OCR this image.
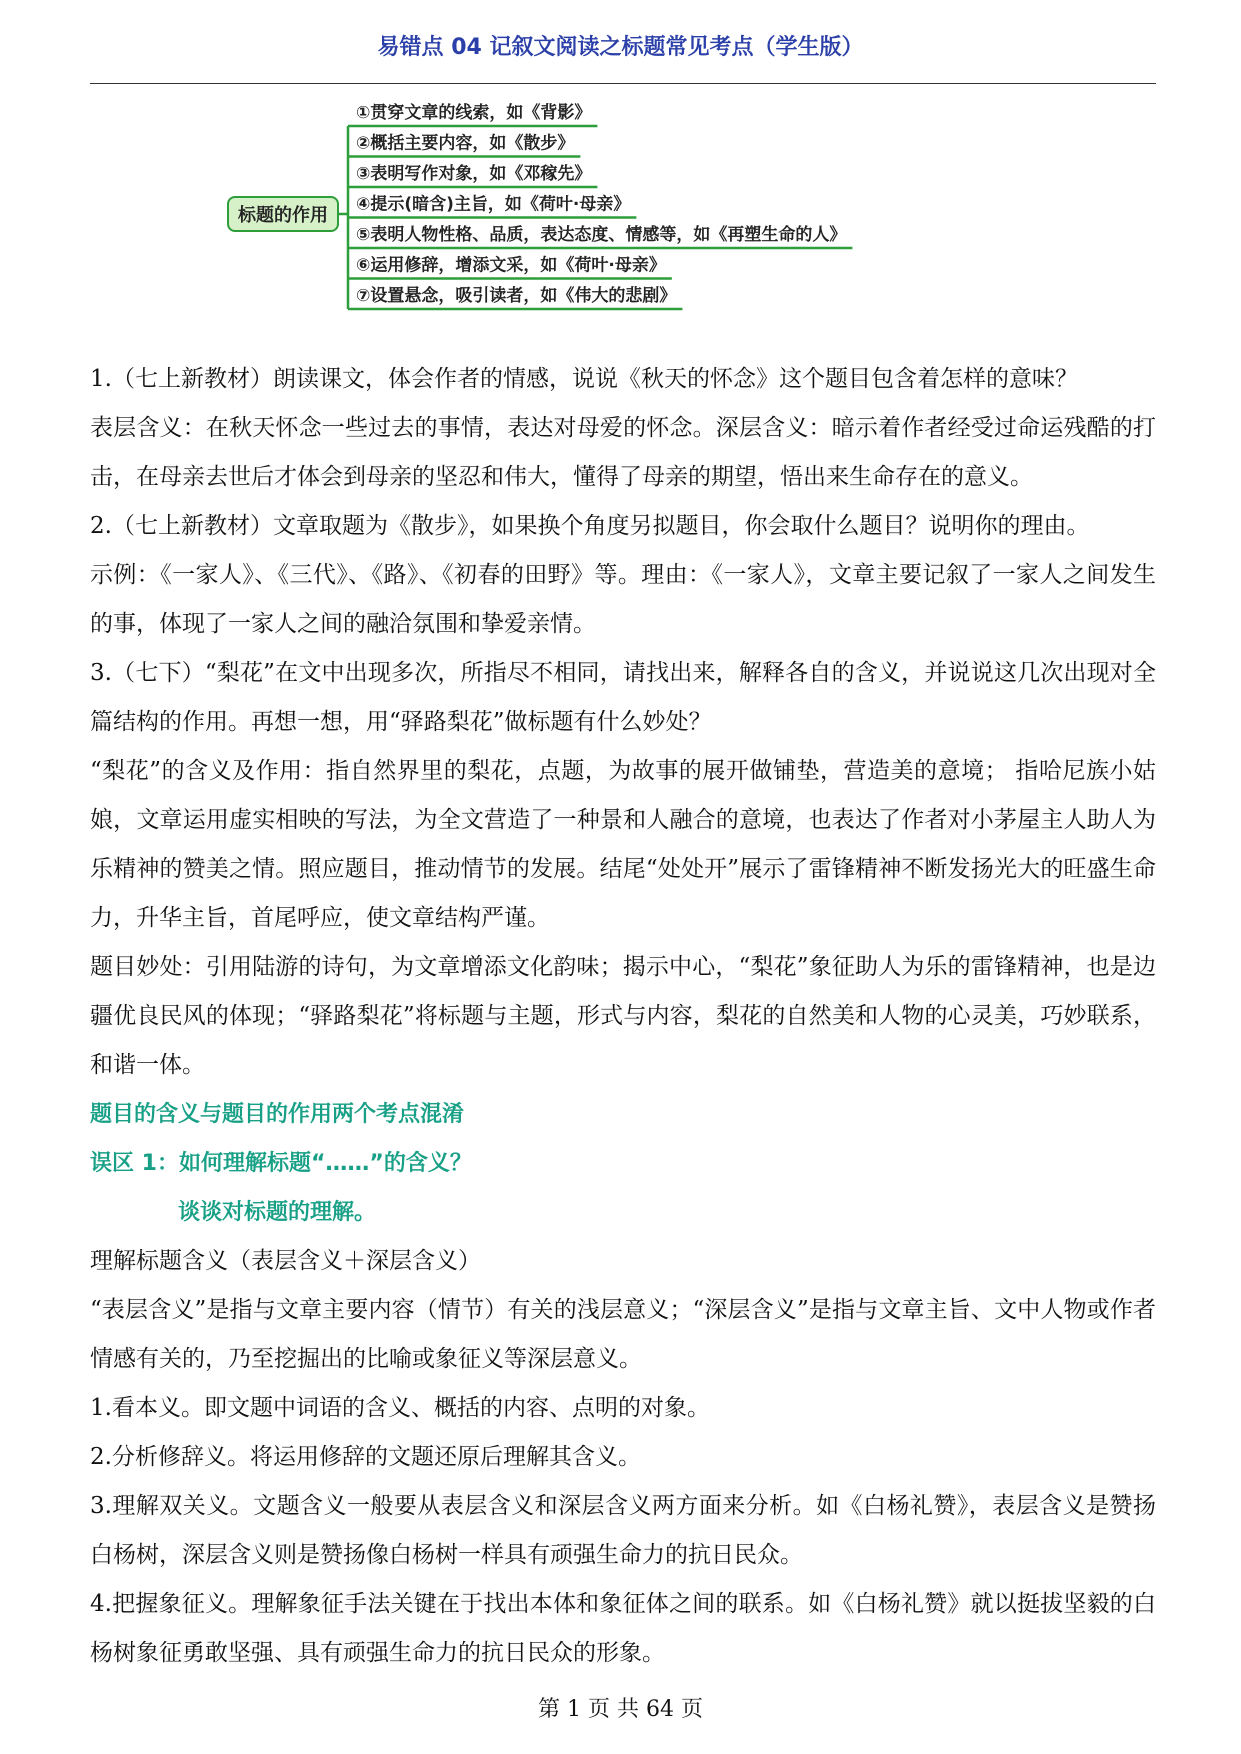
易错点 04 记叙文阅读之标题常见考点（学生版）
标题的作用
①贯穿文章的线索，如《背影》
②概括主要内容，如《散步》
③表明写作对象，如《邓稼先》
④提示(暗含)主旨，如《荷叶·母亲》
⑤表明人物性格、品质，表达态度、情感等，如《再塑生命的人》
⑥运用修辞，增添文采，如《荷叶·母亲》
⑦设置悬念，吸引读者，如《伟大的悲剧》

1.（七上新教材）朗读课文，体会作者的情感，说说《秋天的怀念》这个题目包含着怎样的意味？

表层含义：在秋天怀念一些过去的事情，表达对母爱的怀念。深层含义：暗示着作者经受过命运残酷的打击，在母亲去世后才体会到母亲的坚忍和伟大，懂得了母亲的期望，悟出来生命存在的意义。

2.（七上新教材）文章取题为《散步》，如果换个角度另拟题目，你会取什么题目？说明你的理由。

示例：《一家人》、《三代》、《路》、《初春的田野》等。理由：《一家人》，文章主要记叙了一家人之间发生的事，体现了一家人之间的融洽氛围和挚爱亲情。

3.（七下）“梨花”在文中出现多次，所指尽不相同，请找出来，解释各自的含义，并说说这几次出现对全篇结构的作用。再想一想，用“驿路梨花”做标题有什么妙处？

“梨花”的含义及作用：指自然界里的梨花，点题，为故事的展开做铺垫，营造美的意境； 指哈尼族小姑娘，文章运用虚实相映的写法，为全文营造了一种景和人融合的意境，也表达了作者对小茅屋主人助人为乐精神的赞美之情。照应题目，推动情节的发展。结尾“处处开”展示了雷锋精神不断发扬光大的旺盛生命力，升华主旨，首尾呼应，使文章结构严谨。

题目妙处：引用陆游的诗句，为文章增添文化韵味；揭示中心，“梨花”象征助人为乐的雷锋精神，也是边疆优良民风的体现；“驿路梨花”将标题与主题，形式与内容，梨花的自然美和人物的心灵美，巧妙联系，和谐一体。

题目的含义与题目的作用两个考点混淆

误区 1：如何理解标题“……”的含义？

谈谈对标题的理解。

理解标题含义（表层含义＋深层含义）

“表层含义”是指与文章主要内容（情节）有关的浅层意义；“深层含义”是指与文章主旨、文中人物或作者情感有关的，乃至挖掘出的比喻或象征义等深层意义。

1.看本义。即文题中词语的含义、概括的内容、点明的对象。

2.分析修辞义。将运用修辞的文题还原后理解其含义。

3.理解双关义。文题含义一般要从表层含义和深层含义两方面来分析。如《白杨礼赞》，表层含义是赞扬白杨树，深层含义则是赞扬像白杨树一样具有顽强生命力的抗日民众。

4.把握象征义。理解象征手法关键在于找出本体和象征体之间的联系。如《白杨礼赞》就以挺拔坚毅的白杨树象征勇敢坚强、具有顽强生命力的抗日民众的形象。

第 1 页 共 64 页
